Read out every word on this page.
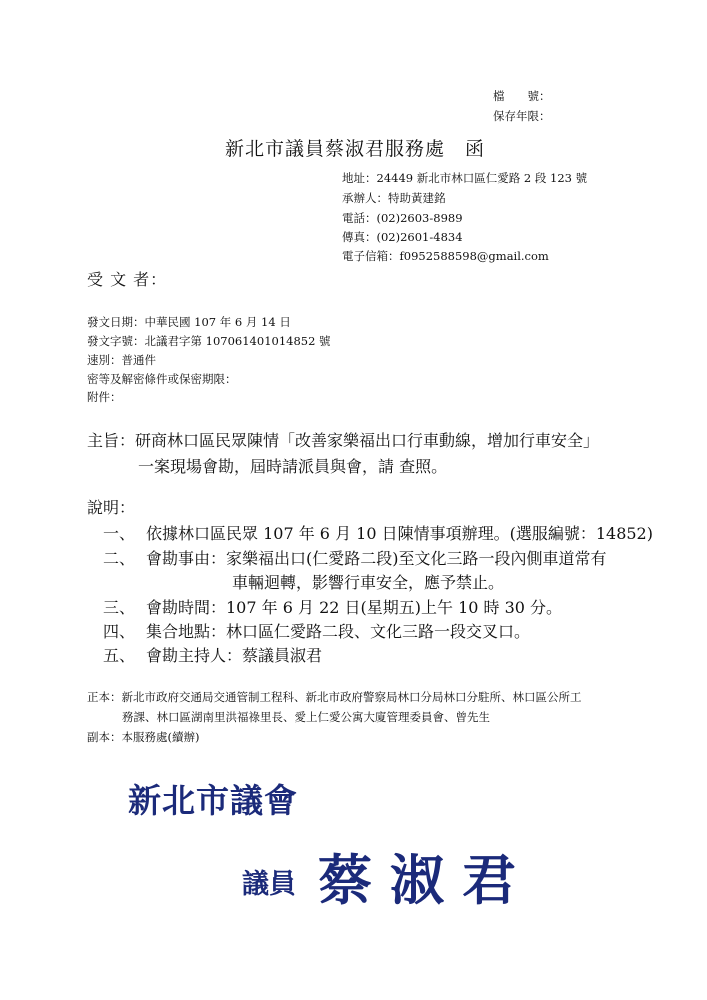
檔　　號：
保存年限：
新北市議員蔡淑君服務處　函
地址：24449 新北市林口區仁愛路 2 段 123 號
承辦人：特助黃建銘
電話：(02)2603-8989
傳真：(02)2601-4834
電子信箱：f0952588598@gmail.com
受 文 者：
發文日期：中華民國 107 年 6 月 14 日
發文字號：北議君字第 107061401014852 號
速別：普通件
密等及解密條件或保密期限：
附件：
主旨：研商林口區民眾陳情「改善家樂福出口行車動線，增加行車安全」
一案現場會勘，屆時請派員與會，請 查照。
說明：
一、 依據林口區民眾 107 年 6 月 10 日陳情事項辦理。(選服編號：14852)
二、 會勘事由：家樂福出口(仁愛路二段)至文化三路一段內側車道常有
車輛迴轉，影響行車安全，應予禁止。
三、 會勘時間：107 年 6 月 22 日(星期五)上午 10 時 30 分。
四、 集合地點：林口區仁愛路二段、文化三路一段交叉口。
五、 會勘主持人：蔡議員淑君
正本：新北市政府交通局交通管制工程科、新北市政府警察局林口分局林口分駐所、林口區公所工
務課、林口區湖南里洪福祿里長、愛上仁愛公寓大廈管理委員會、曾先生
副本：本服務處(續辦)
新北市議會
議員 蔡淑君
